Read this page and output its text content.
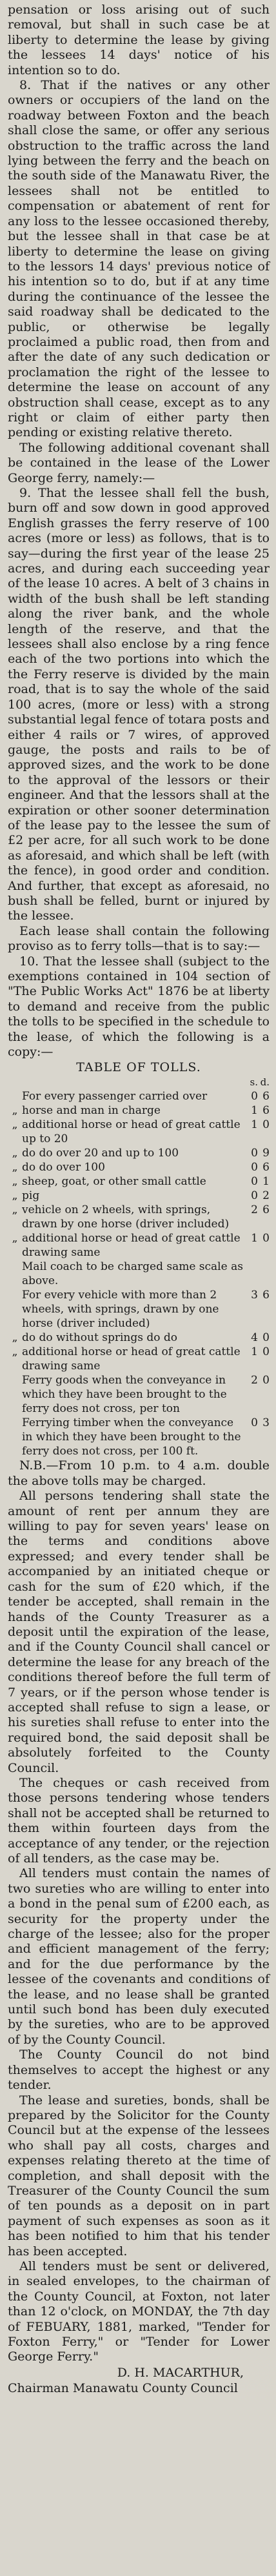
pensation or loss arising out of such removal, but shall in such case be at liberty to determine the lease by giving the lessees 14 days' notice of his intention so to do.

8. That if the natives or any other owners or occupiers of the land on the roadway between Foxton and the beach shall close the same, or offer any serious obstruction to the traffic across the land lying between the ferry and the beach on the south side of the Manawatu River, the lessees shall not be entitled to compensation or abatement of rent for any loss to the lessee occasioned thereby, but the lessee shall in that case be at liberty to determine the lease on giving to the lessors 14 days' previous notice of his intention so to do, but if at any time during the continuance of the lessee the said roadway shall be dedicated to the public, or otherwise be legally proclaimed a public road, then from and after the date of any such dedication or proclamation the right of the lessee to determine the lease on account of any obstruction shall cease, except as to any right or claim of either party then pending or existing relative thereto.

The following additional covenant shall be contained in the lease of the Lower George ferry, namely:—

9. That the lessee shall fell the bush, burn off and sow down in good approved English grasses the ferry reserve of 100 acres (more or less) as follows, that is to say—during the first year of the lease 25 acres, and during each succeeding year of the lease 10 acres. A belt of 3 chains in width of the bush shall be left standing along the river bank, and the whole length of the reserve, and that the lessees shall also enclose by a ring fence each of the two portions into which the the Ferry reserve is divided by the main road, that is to say the whole of the said 100 acres, (more or less) with a strong substantial legal fence of totara posts and either 4 rails or 7 wires, of approved gauge, the posts and rails to be of approved sizes, and the work to be done to the approval of the lessors or their engineer. And that the lessors shall at the expiration or other sooner determination of the lease pay to the lessee the sum of £2 per acre, for all such work to be done as aforesaid, and which shall be left (with the fence), in good order and condition. And further, that except as aforesaid, no bush shall be felled, burnt or injured by the lessee.

Each lease shall contain the following proviso as to ferry tolls—that is to say:—

10. That the lessee shall (subject to the exemptions contained in 104 section of "The Public Works Act" 1876 be at liberty to demand and receive from the public the tolls to be specified in the schedule to the lease, of which the following is a copy:—

TABLE OF TOLLS.

		s.	d.
	For every passenger carried over	0	6
„	horse and man in charge	1	6
„	additional horse or head of great cattle up to 20	1	0
„	do do over 20 and up to 100	0	9
„	do do over 100	0	6
„	sheep, goat, or other small cattle	0	1
„	pig	0	2
„	vehicle on 2 wheels, with springs, drawn by one horse (driver included)	2	6
„	additional horse or head of great cattle drawing same	1	0
	Mail coach to be charged same scale as above.		
	For every vehicle with more than 2 wheels, with springs, drawn by one horse (driver included)	3	6
„	do do without springs do do	4	0
„	additional horse or head of great cattle drawing same	1	0
	Ferry goods when the conveyance in which they have been brought to the ferry does not cross, per ton	2	0
	Ferrying timber when the conveyance in which they have been brought to the ferry does not cross, per 100 ft.	0	3

N.B.—From 10 p.m. to 4 a.m. double the above tolls may be charged.

All persons tendering shall state the amount of rent per annum they are willing to pay for seven years' lease on the terms and conditions above expressed; and every tender shall be accompanied by an initiated cheque or cash for the sum of £20 which, if the tender be accepted, shall remain in the hands of the County Treasurer as a deposit until the expiration of the lease, and if the County Council shall cancel or determine the lease for any breach of the conditions thereof before the full term of 7 years, or if the person whose tender is accepted shall refuse to sign a lease, or his sureties shall refuse to enter into the required bond, the said deposit shall be absolutely forfeited to the County Council.

The cheques or cash received from those persons tendering whose tenders shall not be accepted shall be returned to them within fourteen days from the acceptance of any tender, or the rejection of all tenders, as the case may be.

All tenders must contain the names of two sureties who are willing to enter into a bond in the penal sum of £200 each, as security for the property under the charge of the lessee; also for the proper and efficient management of the ferry; and for the due performance by the lessee of the covenants and conditions of the lease, and no lease shall be granted until such bond has been duly executed by the sureties, who are to be approved of by the County Council.

The County Council do not bind themselves to accept the highest or any tender.

The lease and sureties, bonds, shall be prepared by the Solicitor for the County Council but at the expense of the lessees who shall pay all costs, charges and expenses relating thereto at the time of completion, and shall deposit with the Treasurer of the County Council the sum of ten pounds as a deposit on in part payment of such expenses as soon as it has been notified to him that his tender has been accepted.

All tenders must be sent or delivered, in sealed envelopes, to the chairman of the County Council, at Foxton, not later than 12 o'clock, on MONDAY, the 7th day of FEBUARY, 1881, marked, "Tender for Foxton Ferry," or "Tender for Lower George Ferry."

D. H. MACARTHUR,

Chairman Manawatu County Council
